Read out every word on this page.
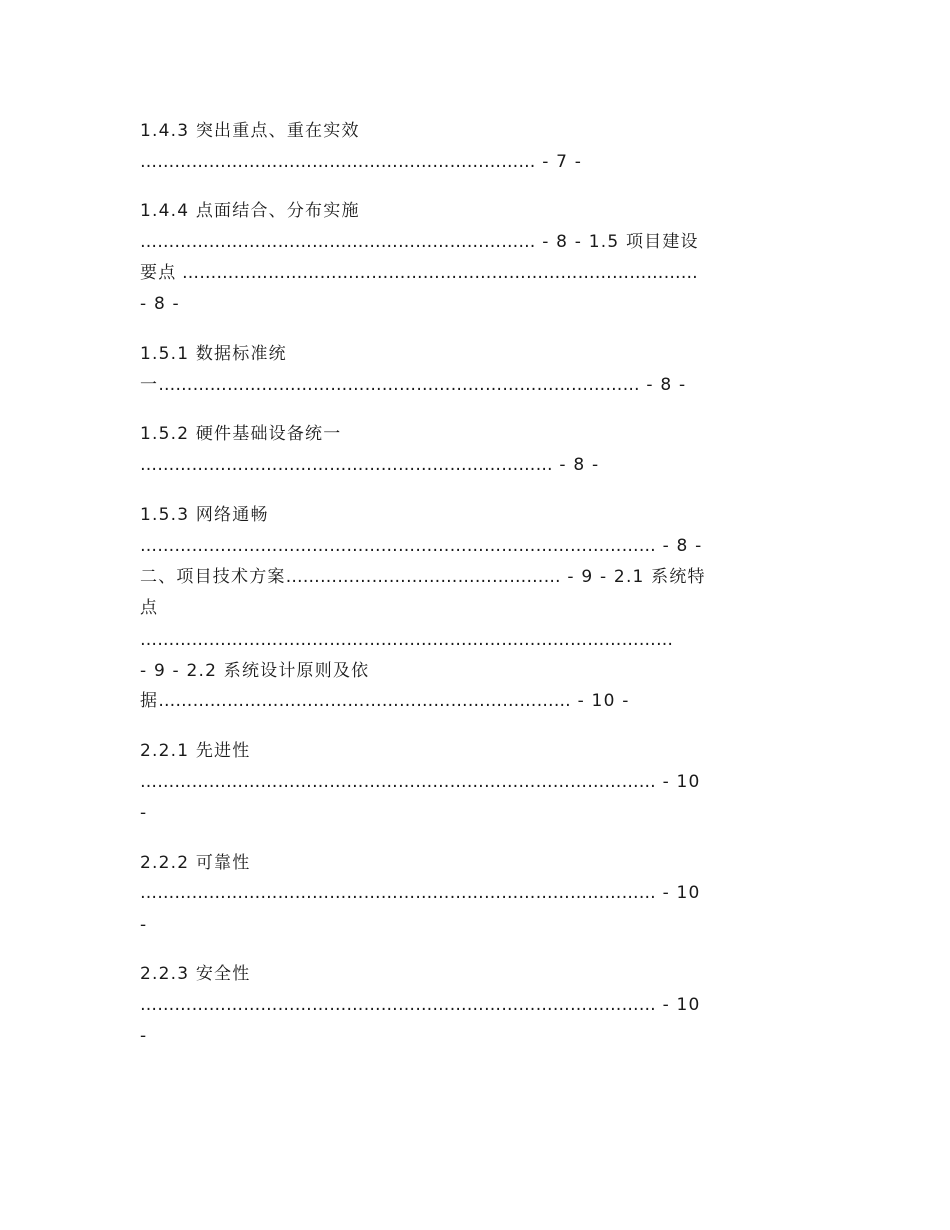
1.4.3 突出重点、重在实效
…………………………………………………………… - 7 -
1.4.4 点面结合、分布实施
…………………………………………………………… - 8 - 1.5 项目建设
要点 ………………………………………………………………………………
- 8 -
1.5.1 数据标准统
一………………………………………………………………………… - 8 -
1.5.2 硬件基础设备统一
……………………………………………………………… - 8 -
1.5.3 网络通畅
……………………………………………………………………………… - 8 -
二、项目技术方案………………………………………… - 9 - 2.1 系统特
点
…………………………………………………………………………………
- 9 - 2.2 系统设计原则及依
据……………………………………………………………… - 10 -
2.2.1 先进性
……………………………………………………………………………… - 10
-
2.2.2 可靠性
……………………………………………………………………………… - 10
-
2.2.3 安全性
……………………………………………………………………………… - 10
-
